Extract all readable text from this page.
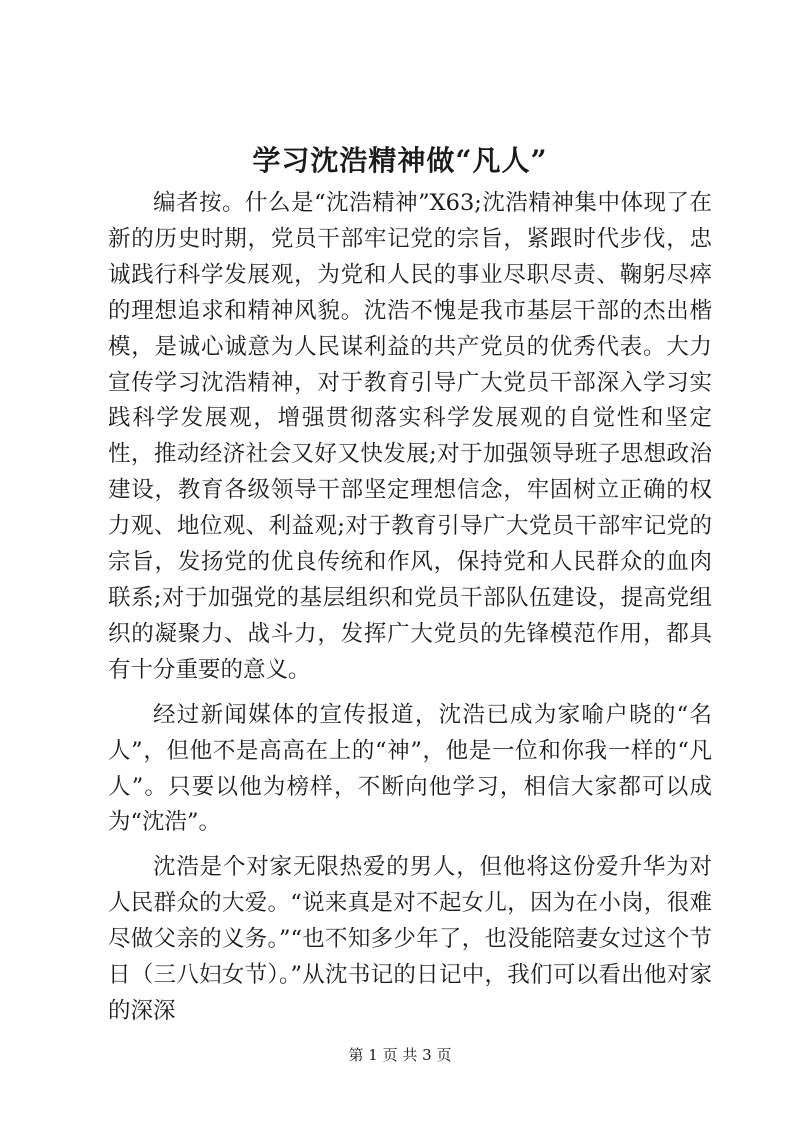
学习沈浩精神做“凡人”

编者按。什么是“沈浩精神”X63;沈浩精神集中体现了在新的历史时期，党员干部牢记党的宗旨，紧跟时代步伐，忠诚践行科学发展观，为党和人民的事业尽职尽责、鞠躬尽瘁的理想追求和精神风貌。沈浩不愧是我市基层干部的杰出楷模，是诚心诚意为人民谋利益的共产党员的优秀代表。大力宣传学习沈浩精神，对于教育引导广大党员干部深入学习实践科学发展观，增强贯彻落实科学发展观的自觉性和坚定性，推动经济社会又好又快发展;对于加强领导班子思想政治建设，教育各级领导干部坚定理想信念，牢固树立正确的权力观、地位观、利益观;对于教育引导广大党员干部牢记党的宗旨，发扬党的优良传统和作风，保持党和人民群众的血肉联系;对于加强党的基层组织和党员干部队伍建设，提高党组织的凝聚力、战斗力，发挥广大党员的先锋模范作用，都具有十分重要的意义。

经过新闻媒体的宣传报道，沈浩已成为家喻户晓的“名人”，但他不是高高在上的“神”，他是一位和你我一样的“凡人”。只要以他为榜样，不断向他学习，相信大家都可以成为“沈浩”。

沈浩是个对家无限热爱的男人，但他将这份爱升华为对人民群众的大爱。“说来真是对不起女儿，因为在小岗，很难尽做父亲的义务。”“也不知多少年了，也没能陪妻女过这个节日（三八妇女节）。”从沈书记的日记中，我们可以看出他对家的深深

第 1 页 共 3 页
